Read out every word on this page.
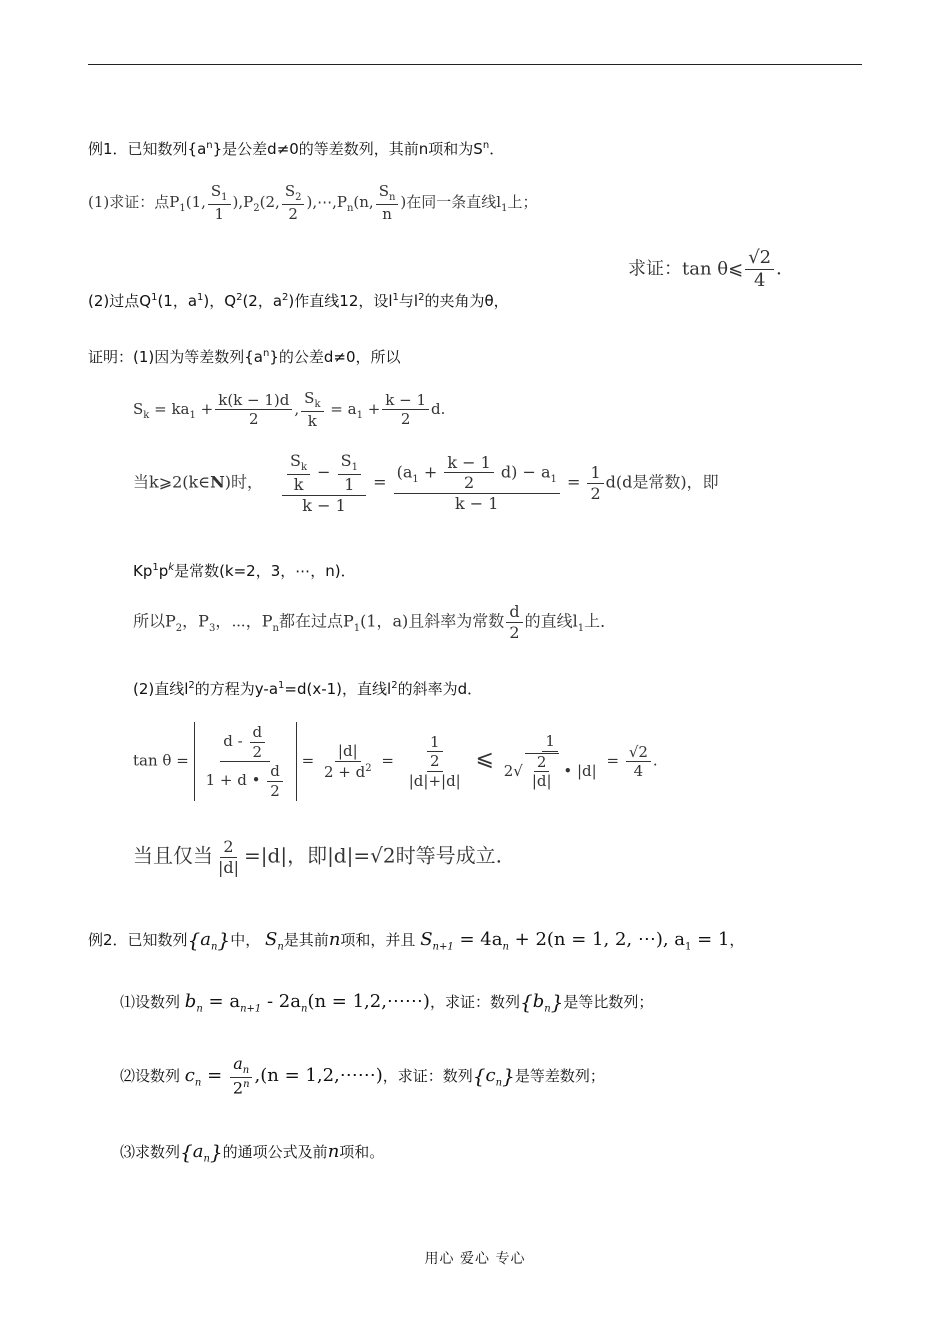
例1．已知数列$\{a^n\}$是公差d≠0的等差数列，其前n项和为$S^n$．
(1)求证：点$P_1(1$, $\frac{S_1}{1} ),P_2(2$, $\frac{S_2}{2}$ )$,\cdots,P_n(n$, $\frac{S_n}{n}$ )在同一条直线$l_1$上；
求证：tan θ⩽ $\frac{√2}{4}$ ．
(2)过点$Q^1(1$，$a^1$)，$Q^2(2$，$a^2$)作直线12，设$l^1$与$l^2$的夹角为θ，
证明：(1)因为等差数列$\{a^n\}$的公差d≠0，所以
$S_k = ka_1 + \frac{k(k - 1)d}{2}$ , $\frac{S_k}{k} = a_1 + \frac{k - 1}{2} d$.
当k⩾2(k∈N)时， $\frac{\frac{S_k}{k} - \frac{S_1}{1}}{k - 1} = \frac{(a_1 + \frac{k - 1}{2} d) - a_1}{k - 1} = \frac{1}{2} d(d$是常数)，即
$Kp^1p^k$是常数(k=2，3，⋯，n)．
所以$P_2$，$P_3$，⋯，$P_n$都在过点$P_1(1$，a)且斜率为常数 $\frac{d}{2}$ 的直线$l_1$上．
(2)直线$l^2$的方程为$y-a^1=d(x-1)$，直线$l^2$的斜率为d．
$\tan \theta = \frac{d - \frac{d}{2}}{1 + d • \frac{d}{2}} = \frac{|d|}{2 + d^2} = \frac{1}{\frac{2}{|d|+|d|}}$ ⩽ $\frac{1}{2√ \frac{2}{|d|} • |d|} = \frac{√2}{4}$ .
当且仅当 $\frac{2}{|d|} =|d|$，即|d|=√2时等号成立.
例2．已知数列$\{a_n\}$中， $S_n$是其前n项和，并且 $S_{n+1} = 4a_n + 2(n = 1$, 2, ⋯), $a_1 = 1$，
⑴设数列 $b_n = a_{n+1} - 2a_n(n$ = 1,2,⋯⋯)，求证：数列$\{b_n\}$是等比数列；
⑵设数列 $c_n = \frac{a_n}{2^n} ,(n$ = 1,2,⋯⋯)，求证：数列$\{c_n\}$是等差数列；
⑶求数列$\{a_n\}$的通项公式及前n项和。
用心 爱心 专心
